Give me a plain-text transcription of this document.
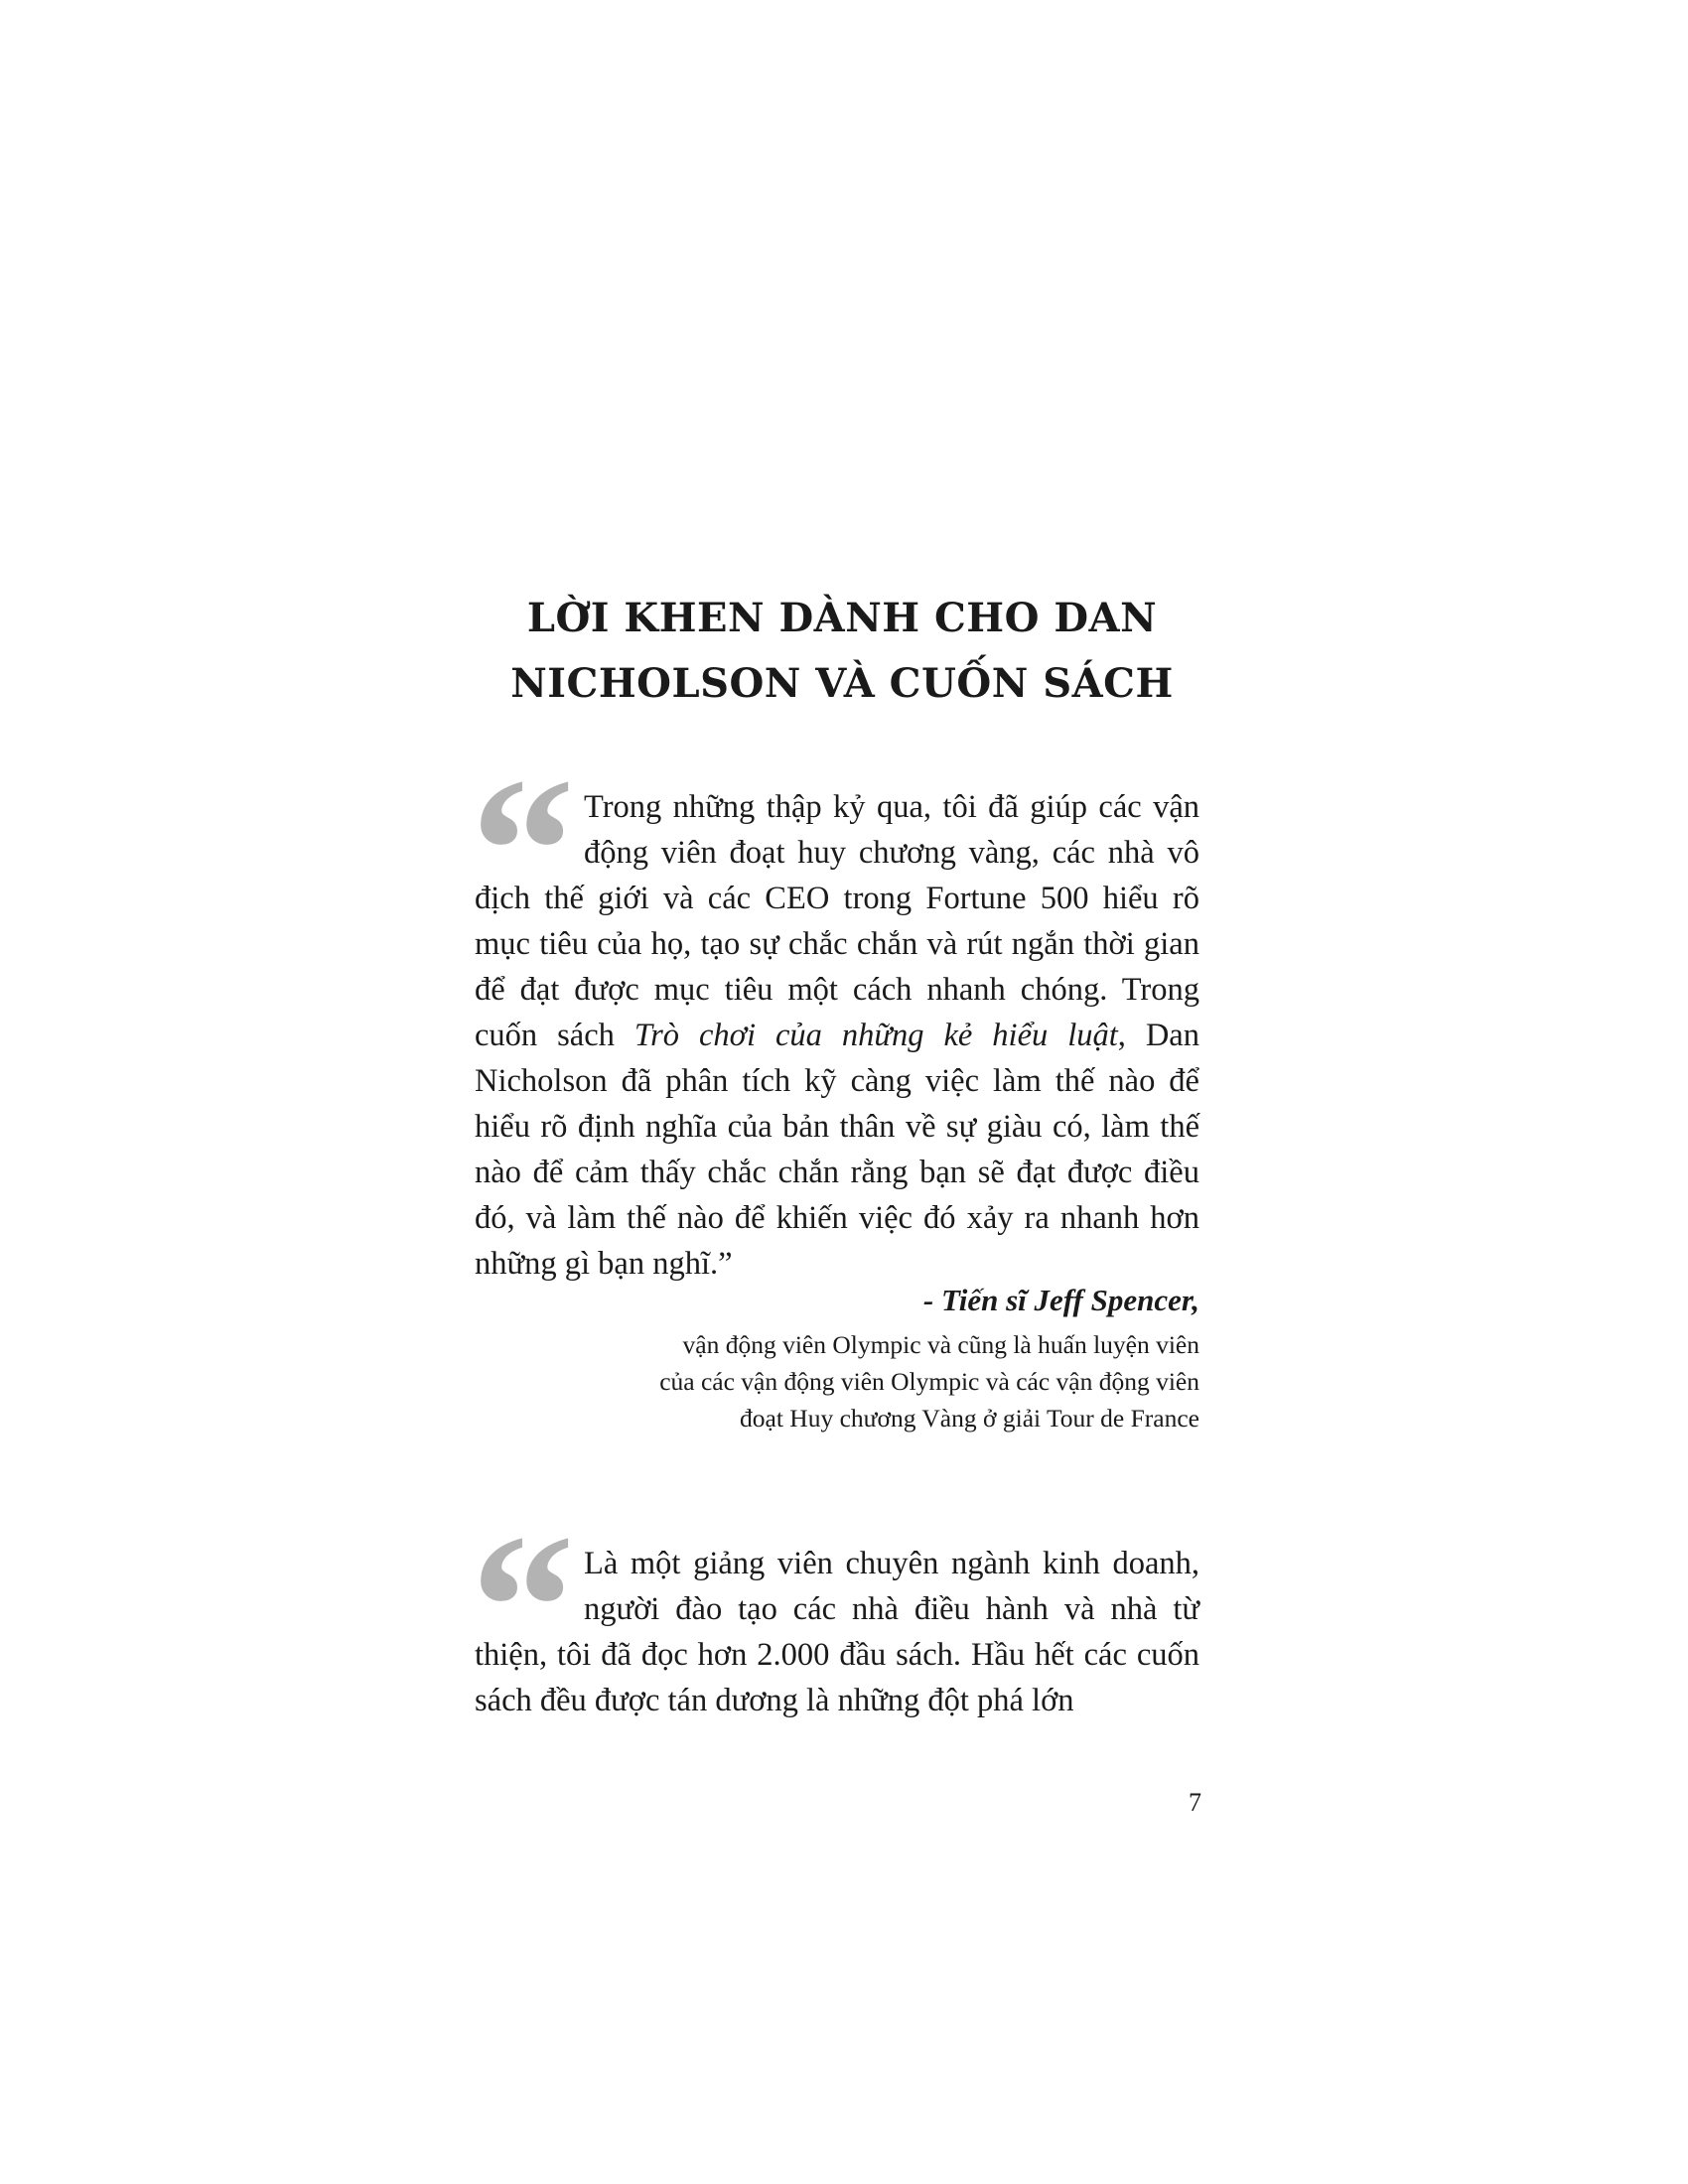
LỜI KHEN DÀNH CHO DAN
NICHOLSON VÀ CUỐN SÁCH
“ Trong những thập kỷ qua, tôi đã giúp các vận động viên đoạt huy chương vàng, các nhà vô địch thế giới và các CEO trong Fortune 500 hiểu rõ mục tiêu của họ, tạo sự chắc chắn và rút ngắn thời gian để đạt được mục tiêu một cách nhanh chóng. Trong cuốn sách Trò chơi của những kẻ hiểu luật, Dan Nicholson đã phân tích kỹ càng việc làm thế nào để hiểu rõ định nghĩa của bản thân về sự giàu có, làm thế nào để cảm thấy chắc chắn rằng bạn sẽ đạt được điều đó, và làm thế nào để khiến việc đó xảy ra nhanh hơn những gì bạn nghĩ.”

- Tiến sĩ Jeff Spencer,

vận động viên Olympic và cũng là huấn luyện viên
của các vận động viên Olympic và các vận động viên
đoạt Huy chương Vàng ở giải Tour de France

“ Là một giảng viên chuyên ngành kinh doanh, người đào tạo các nhà điều hành và nhà từ thiện, tôi đã đọc hơn 2.000 đầu sách. Hầu hết các cuốn sách đều được tán dương là những đột phá lớn

7
